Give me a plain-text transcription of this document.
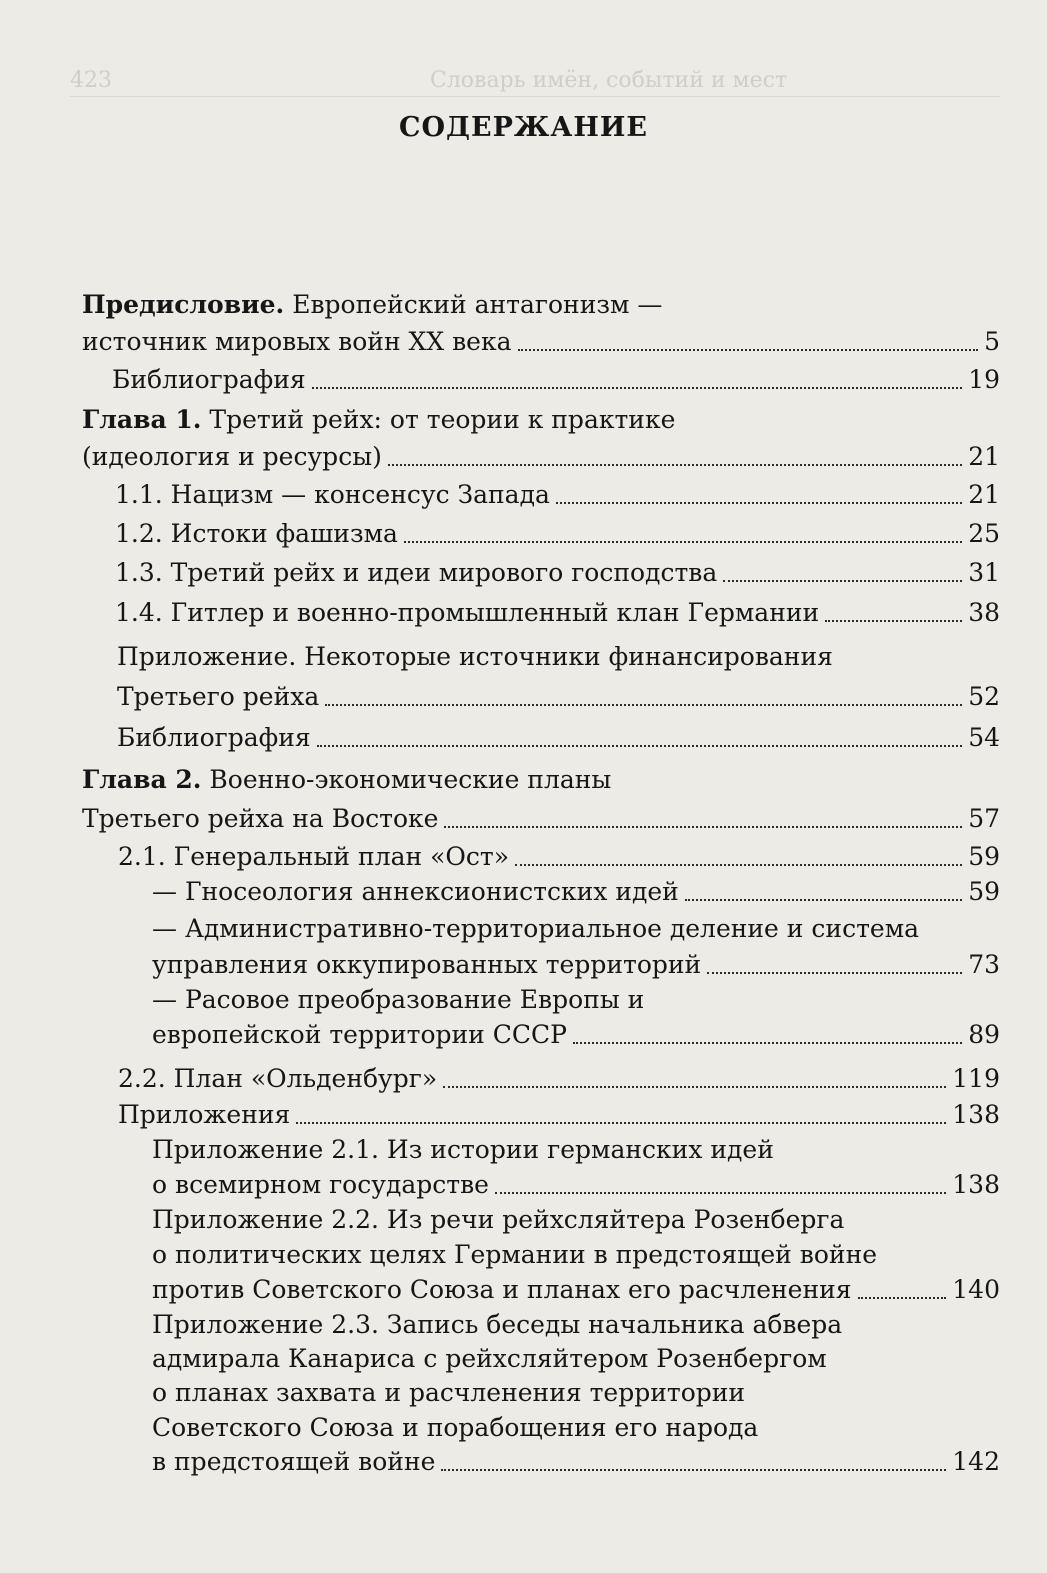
423	Словарь имён, событий и мест
СОДЕРЖАНИЕ
Предисловие. Европейский антагонизм —
источник мировых войн XX века	5
Библиография	19
Глава 1. Третий рейх: от теории к практике
(идеология и ресурсы)	21
1.1. Нацизм — консенсус Запада	21
1.2. Истоки фашизма	25
1.3. Третий рейх и идеи мирового господства	31
1.4. Гитлер и военно-промышленный клан Германии	38
Приложение. Некоторые источники финансирования
Третьего рейха	52
Библиография	54
Глава 2. Военно-экономические планы
Третьего рейха на Востоке	57
2.1. Генеральный план «Ост»	59
— Гносеология аннексионистских идей	59
— Административно-территориальное деление и система
управления оккупированных территорий	73
— Расовое преобразование Европы и
европейской территории СССР	89
2.2. План «Ольденбург»	119
Приложения	138
Приложение 2.1. Из истории германских идей
о всемирном государстве	138
Приложение 2.2. Из речи рейхсляйтера Розенберга
о политических целях Германии в предстоящей войне
против Советского Союза и планах его расчленения	140
Приложение 2.3. Запись беседы начальника абвера
адмирала Канариса с рейхсляйтером Розенбергом
о планах захвата и расчленения территории
Советского Союза и порабощения его народа
в предстоящей войне	142
